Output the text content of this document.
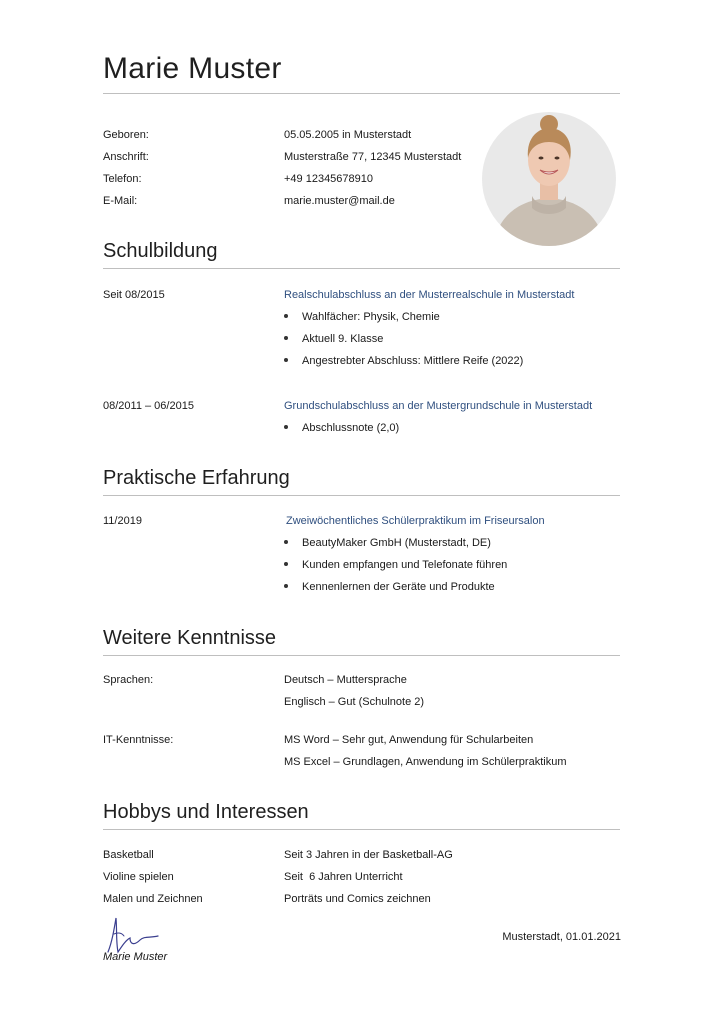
Marie Muster
Geboren:	05.05.2005 in Musterstadt
Anschrift:	Musterstraße 77, 12345 Musterstadt
Telefon:	+49 12345678910
E-Mail:	marie.muster@mail.de
Schulbildung
Seit 08/2015	Realschulabschluss an der Musterrealschule in Musterstadt
Wahlfächer: Physik, Chemie
Aktuell 9. Klasse
Angestrebter Abschluss: Mittlere Reife (2022)
08/2011 – 06/2015	Grundschulabschluss an der Mustergrundschule in Musterstadt
Abschlussnote (2,0)
Praktische Erfahrung
11/2019	Zweiwöchentliches Schülerpraktikum im Friseursalon
BeautyMaker GmbH (Musterstadt, DE)
Kunden empfangen und Telefonate führen
Kennenlernen der Geräte und Produkte
Weitere Kenntnisse
Sprachen:	Deutsch – Muttersprache
Englisch – Gut (Schulnote 2)
IT-Kenntnisse:	MS Word – Sehr gut, Anwendung für Schularbeiten
MS Excel – Grundlagen, Anwendung im Schülerpraktikum
Hobbys und Interessen
Basketball	Seit 3 Jahren in der Basketball-AG
Violine spielen	Seit  6 Jahren Unterricht
Malen und Zeichnen	Porträts und Comics zeichnen
Musterstadt, 01.01.2021
Marie Muster
